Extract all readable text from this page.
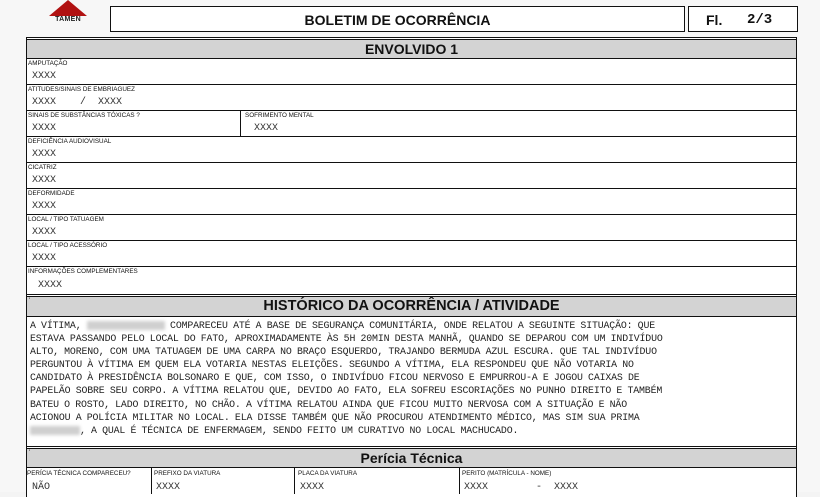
TAMEN	BOLETIM DE OCORRÊNCIA	Fl. 2/3
ENVOLVIDO 1
AMPUTAÇÃO
XXXX
ATITUDES/SINAIS DE EMBRIAGUEZ
XXXX    /  XXXX
SINAIS DE SUBSTÂNCIAS TÓXICAS ?
XXXX
SOFRIMENTO MENTAL
XXXX
DEFICIÊNCIA AUDIOVISUAL
XXXX
CICATRIZ
XXXX
DEFORMIDADE
XXXX
LOCAL / TIPO TATUAGEM
XXXX
LOCAL / TIPO ACESSÓRIO
XXXX
INFORMAÇÕES COMPLEMENTARES
XXXX
'	HISTÓRICO DA OCORRÊNCIA / ATIVIDADE

A VÍTIMA,	COMPARECEU ATÉ A BASE DE SEGURANÇA COMUNITÁRIA, ONDE RELATOU A SEGUINTE SITUAÇÃO: QUE
ESTAVA PASSANDO PELO LOCAL DO FATO, APROXIMADAMENTE ÀS 5H 20MIN DESTA MANHÃ, QUANDO SE DEPAROU COM UM INDIVÍDUO
ALTO, MORENO, COM UMA TATUAGEM DE UMA CARPA NO BRAÇO ESQUERDO, TRAJANDO BERMUDA AZUL ESCURA. QUE TAL INDIVÍDUO
PERGUNTOU À VÍTIMA EM QUEM ELA VOTARIA NESTAS ELEIÇÕES. SEGUNDO A VÍTIMA, ELA RESPONDEU QUE NÃO VOTARIA NO
CANDIDATO À PRESIDÊNCIA BOLSONARO E QUE, COM ISSO, O INDIVÍDUO FICOU NERVOSO E EMPURROU-A E JOGOU CAIXAS DE
PAPELÃO SOBRE SEU CORPO. A VÍTIMA RELATOU QUE, DEVIDO AO FATO, ELA SOFREU ESCORIAÇÕES NO PUNHO DIREITO E TAMBÉM
BATEU O ROSTO, LADO DIREITO, NO CHÃO. A VÍTIMA RELATOU AINDA QUE FICOU MUITO NERVOSA COM A SITUAÇÃO E NÃO
ACIONOU A POLÍCIA MILITAR NO LOCAL. ELA DISSE TAMBÉM QUE NÃO PROCUROU ATENDIMENTO MÉDICO, MAS SIM SUA PRIMA
, A QUAL É TÉCNICA DE ENFERMAGEM, SENDO FEITO UM CURATIVO NO LOCAL MACHUCADO.

'	Perícia Técnica
PERÍCIA TÉCNICA COMPARECEU?
NÃO
PREFIXO DA VIATURA
XXXX
PLACA DA VIATURA
XXXX
PERITO (MATRÍCULA - NOME)
XXXX        -  XXXX
